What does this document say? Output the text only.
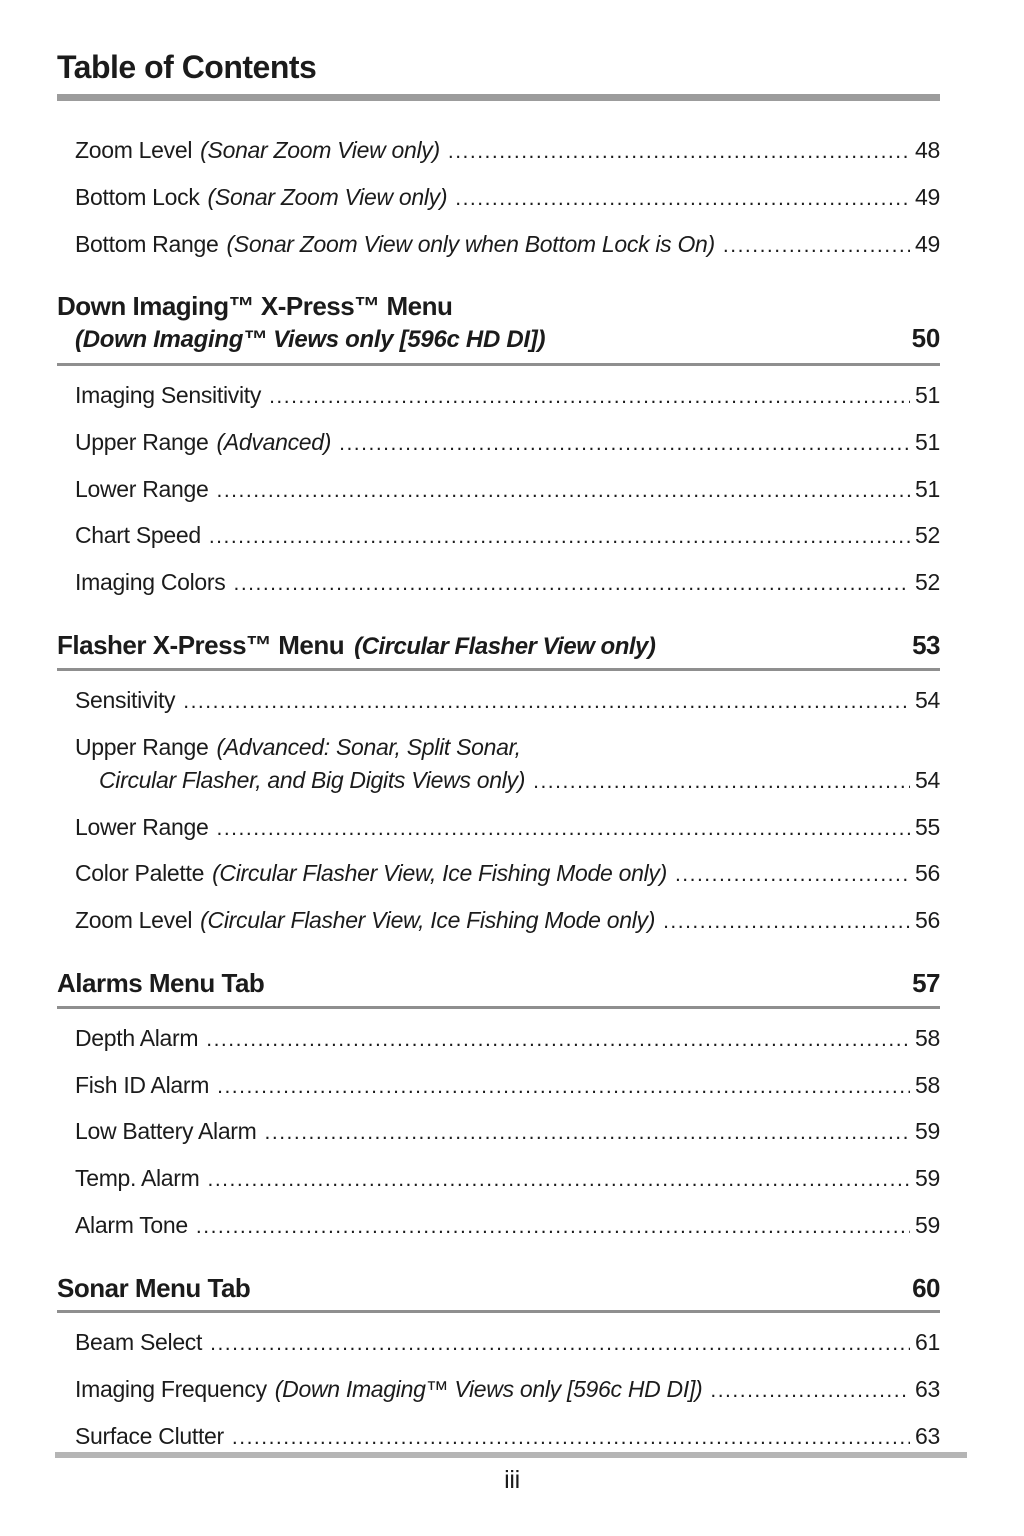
Table of Contents
Zoom Level (Sonar Zoom View only) .....	48
Bottom Lock (Sonar Zoom View only) .....	49
Bottom Range (Sonar Zoom View only when Bottom Lock is On) .....	49
Down Imaging™ X-Press™ Menu
(Down Imaging™ Views only [596c HD DI])	50
Imaging Sensitivity .....	51
Upper Range (Advanced) .....	51
Lower Range .....	51
Chart Speed .....	52
Imaging Colors .....	52
Flasher X-Press™ Menu (Circular Flasher View only)	53
Sensitivity .....	54
Upper Range (Advanced: Sonar, Split Sonar,
Circular Flasher, and Big Digits Views only) .....	54
Lower Range .....	55
Color Palette (Circular Flasher View, Ice Fishing Mode only) .....	56
Zoom Level (Circular Flasher View, Ice Fishing Mode only) .....	56
Alarms Menu Tab	57
Depth Alarm .....	58
Fish ID Alarm .....	58
Low Battery Alarm .....	59
Temp. Alarm .....	59
Alarm Tone .....	59
Sonar Menu Tab	60
Beam Select .....	61
Imaging Frequency (Down Imaging™ Views only [596c HD DI]) .....	63
Surface Clutter .....	63
iii
